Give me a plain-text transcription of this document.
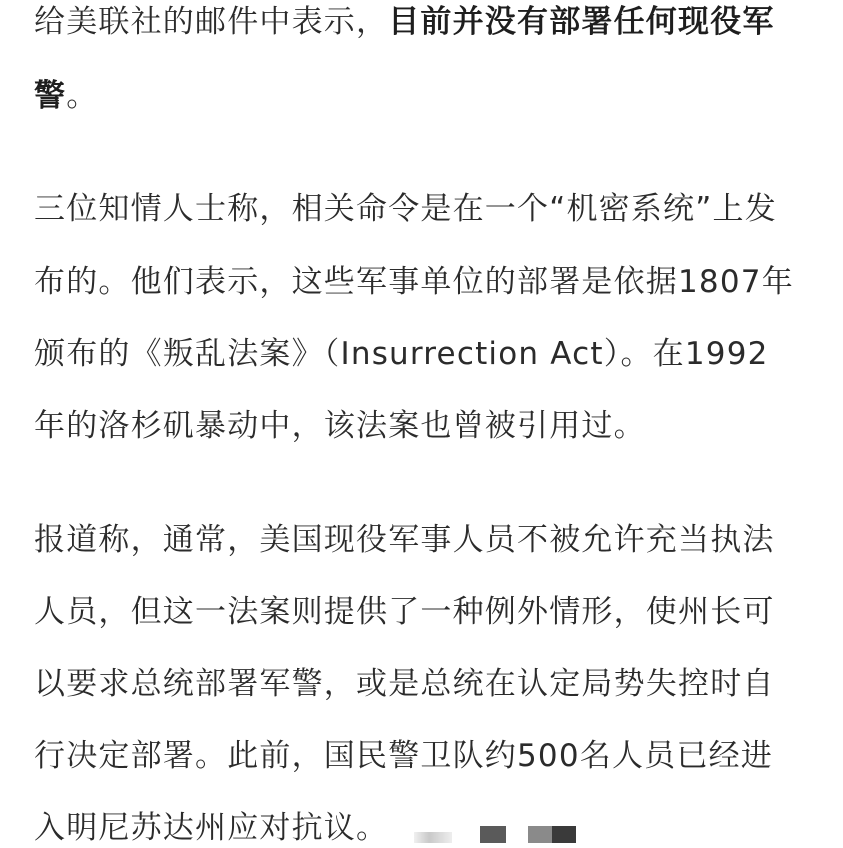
给美联社的邮件中表示，目前并没有部署任何现役军
警。
三位知情人士称，相关命令是在一个“机密系统”上发
布的。他们表示，这些军事单位的部署是依据1807年
颁布的《叛乱法案》（Insurrection Act）。在1992
年的洛杉矶暴动中，该法案也曾被引用过。
报道称，通常，美国现役军事人员不被允许充当执法
人员，但这一法案则提供了一种例外情形，使州长可
以要求总统部署军警，或是总统在认定局势失控时自
行决定部署。此前，国民警卫队约500名人员已经进
入明尼苏达州应对抗议。
